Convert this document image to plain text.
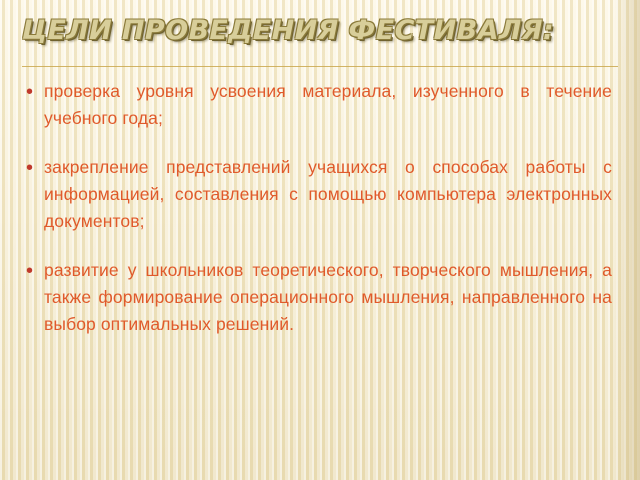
ЦЕЛИ ПРОВЕДЕНИЯ ФЕСТИВАЛЯ:
• проверка уровня усвоения материала, изученного в течение учебного года;
• закрепление представлений учащихся о способах работы с информацией, составления с помощью компьютера электронных документов;
• развитие у школьников теоретического, творческого мышления, а также формирование операционного мышления, направленного на выбор оптимальных решений.
